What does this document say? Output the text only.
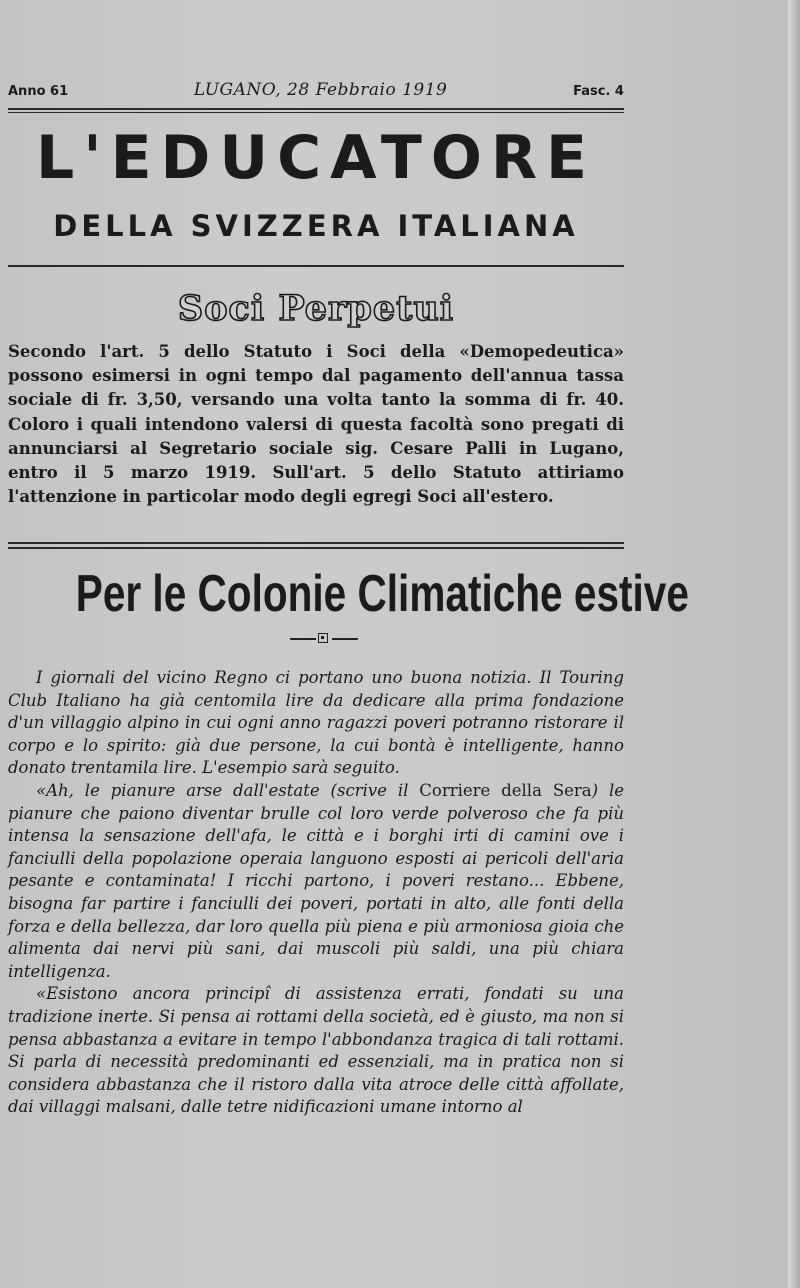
Anno 61	LUGANO, 28 Febbraio 1919	Fasc. 4
L'EDUCATORE
DELLA SVIZZERA ITALIANA
Soci Perpetui
Secondo l'art. 5 dello Statuto i Soci della «Demopedeutica» possono esimersi in ogni tempo dal pagamento dell'annua tassa sociale di fr. 3,50, versando una volta tanto la somma di fr. 40. Coloro i quali intendono valersi di questa facoltà sono pregati di annunciarsi al Segretario sociale sig. Cesare Palli in Lugano, entro il 5 marzo 1919. Sull'art. 5 dello Statuto attiriamo l'attenzione in particolar modo degli egregi Soci all'estero.
Per le Colonie Climatiche estive

I giornali del vicino Regno ci portano uno buona notizia. Il Touring Club Italiano ha già centomila lire da dedicare alla prima fondazione d'un villaggio alpino in cui ogni anno ragazzi poveri potranno ristorare il corpo e lo spirito: già due persone, la cui bontà è intelligente, hanno donato trentamila lire. L'esempio sarà seguito.

«Ah, le pianure arse dall'estate (scrive il Corriere della Sera) le pianure che paiono diventar brulle col loro verde polveroso che fa più intensa la sensazione dell'afa, le città e i borghi irti di camini ove i fanciulli della popolazione operaia languono esposti ai pericoli dell'aria pesante e contaminata! I ricchi partono, i poveri restano... Ebbene, bisogna far partire i fanciulli dei poveri, portati in alto, alle fonti della forza e della bellezza, dar loro quella più piena e più armoniosa gioia che alimenta dai nervi più sani, dai muscoli più saldi, una più chiara intelligenza.

«Esistono ancora principî di assistenza errati, fondati su una tradizione inerte. Si pensa ai rottami della società, ed è giusto, ma non si pensa abbastanza a evitare in tempo l'abbondanza tragica di tali rottami. Si parla di necessità predominanti ed essenziali, ma in pratica non si considera abbastanza che il ristoro dalla vita atroce delle città affollate, dai villaggi malsani, dalle tetre nidificazioni umane intorno al
